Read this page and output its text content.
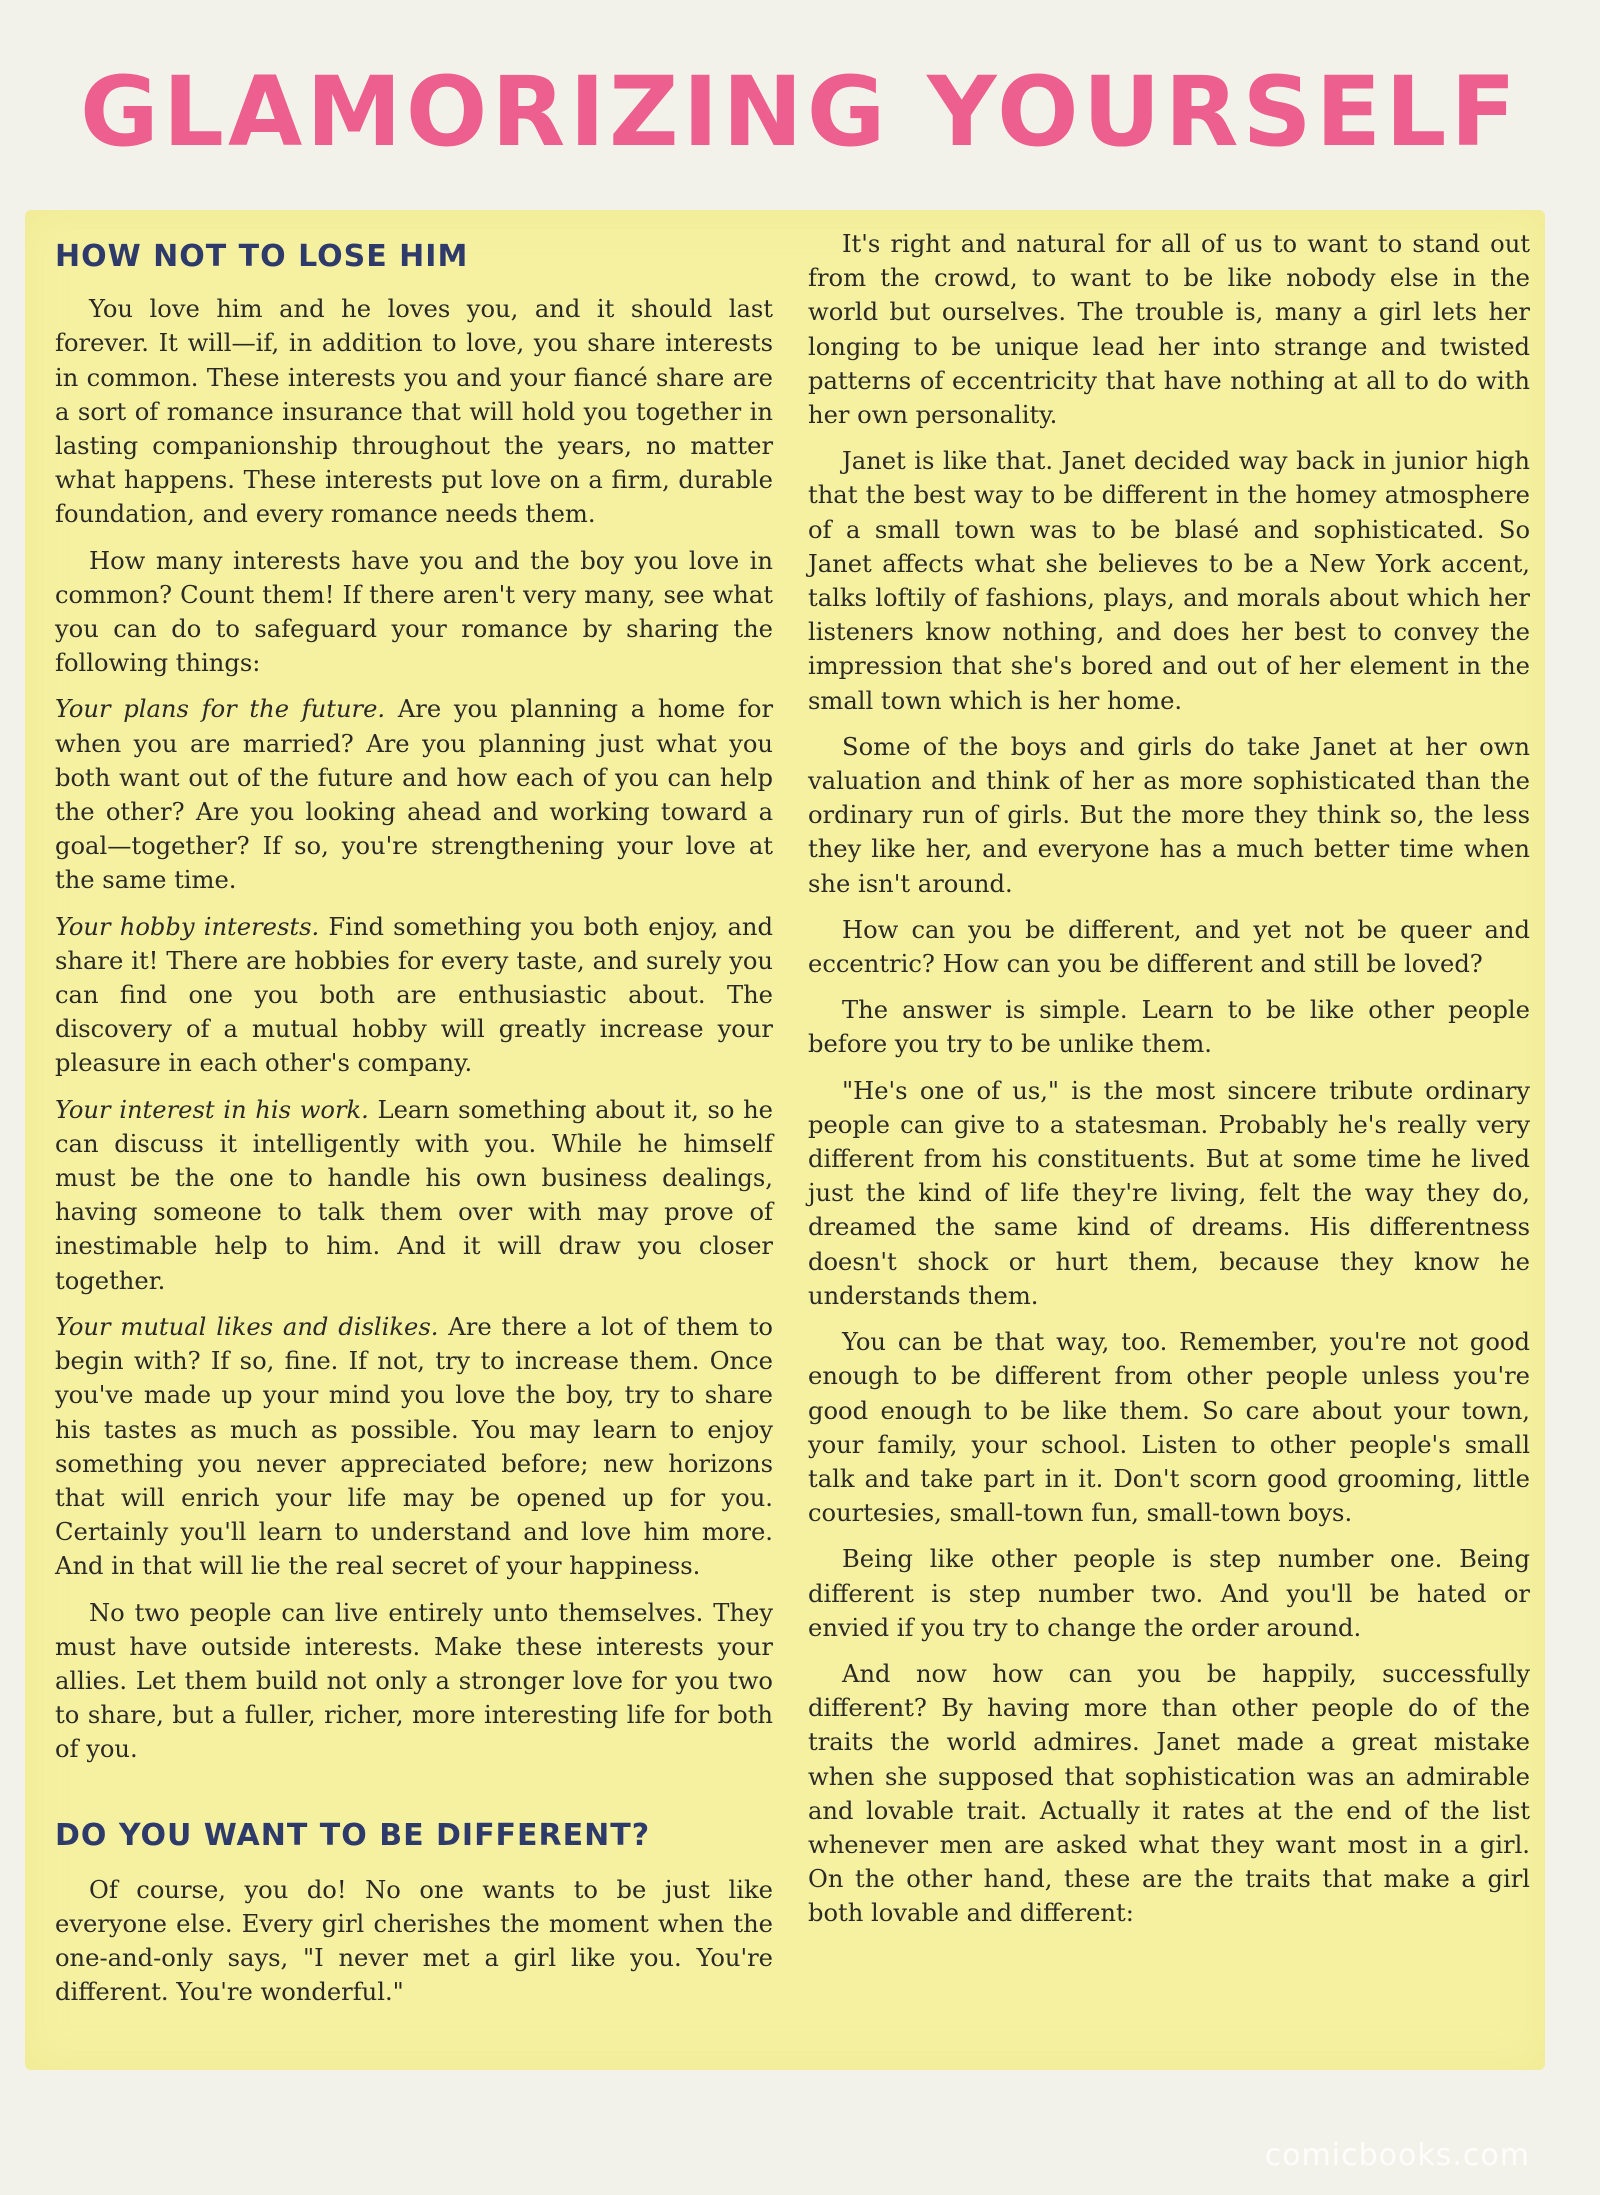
GLAMORIZING YOURSELF
HOW NOT TO LOSE HIM

You love him and he loves you, and it should last forever. It will—if, in addition to love, you share interests in common. These interests you and your fiancé share are a sort of romance insurance that will hold you together in lasting companionship throughout the years, no matter what happens. These interests put love on a firm, durable foundation, and every romance needs them.

How many interests have you and the boy you love in common? Count them! If there aren't very many, see what you can do to safeguard your romance by sharing the following things:

Your plans for the future. Are you planning a home for when you are married? Are you planning just what you both want out of the future and how each of you can help the other? Are you looking ahead and working toward a goal—together? If so, you're strengthening your love at the same time.

Your hobby interests. Find something you both enjoy, and share it! There are hobbies for every taste, and surely you can find one you both are enthusiastic about. The discovery of a mutual hobby will greatly increase your pleasure in each other's company.

Your interest in his work. Learn something about it, so he can discuss it intelligently with you. While he himself must be the one to handle his own business dealings, having someone to talk them over with may prove of inestimable help to him. And it will draw you closer together.

Your mutual likes and dislikes. Are there a lot of them to begin with? If so, fine. If not, try to increase them. Once you've made up your mind you love the boy, try to share his tastes as much as possible. You may learn to enjoy something you never appreciated before; new horizons that will enrich your life may be opened up for you. Certainly you'll learn to understand and love him more. And in that will lie the real secret of your happiness.

No two people can live entirely unto themselves. They must have outside interests. Make these interests your allies. Let them build not only a stronger love for you two to share, but a fuller, richer, more interesting life for both of you.

DO YOU WANT TO BE DIFFERENT?

Of course, you do! No one wants to be just like everyone else. Every girl cherishes the moment when the one-and-only says, "I never met a girl like you. You're different. You're wonderful."

It's right and natural for all of us to want to stand out from the crowd, to want to be like nobody else in the world but ourselves. The trouble is, many a girl lets her longing to be unique lead her into strange and twisted patterns of eccentricity that have nothing at all to do with her own personality.

Janet is like that. Janet decided way back in junior high that the best way to be different in the homey atmosphere of a small town was to be blasé and sophisticated. So Janet affects what she believes to be a New York accent, talks loftily of fashions, plays, and morals about which her listeners know nothing, and does her best to convey the impression that she's bored and out of her element in the small town which is her home.

Some of the boys and girls do take Janet at her own valuation and think of her as more sophisticated than the ordinary run of girls. But the more they think so, the less they like her, and everyone has a much better time when she isn't around.

How can you be different, and yet not be queer and eccentric? How can you be different and still be loved?

The answer is simple. Learn to be like other people before you try to be unlike them.

"He's one of us," is the most sincere tribute ordinary people can give to a statesman. Probably he's really very different from his constituents. But at some time he lived just the kind of life they're living, felt the way they do, dreamed the same kind of dreams. His differentness doesn't shock or hurt them, because they know he understands them.

You can be that way, too. Remember, you're not good enough to be different from other people unless you're good enough to be like them. So care about your town, your family, your school. Listen to other people's small talk and take part in it. Don't scorn good grooming, little courtesies, small-town fun, small-town boys.

Being like other people is step number one. Being different is step number two. And you'll be hated or envied if you try to change the order around.

And now how can you be happily, successfully different? By having more than other people do of the traits the world admires. Janet made a great mistake when she supposed that sophistication was an admirable and lovable trait. Actually it rates at the end of the list whenever men are asked what they want most in a girl. On the other hand, these are the traits that make a girl both lovable and different:

comicbooks.com
